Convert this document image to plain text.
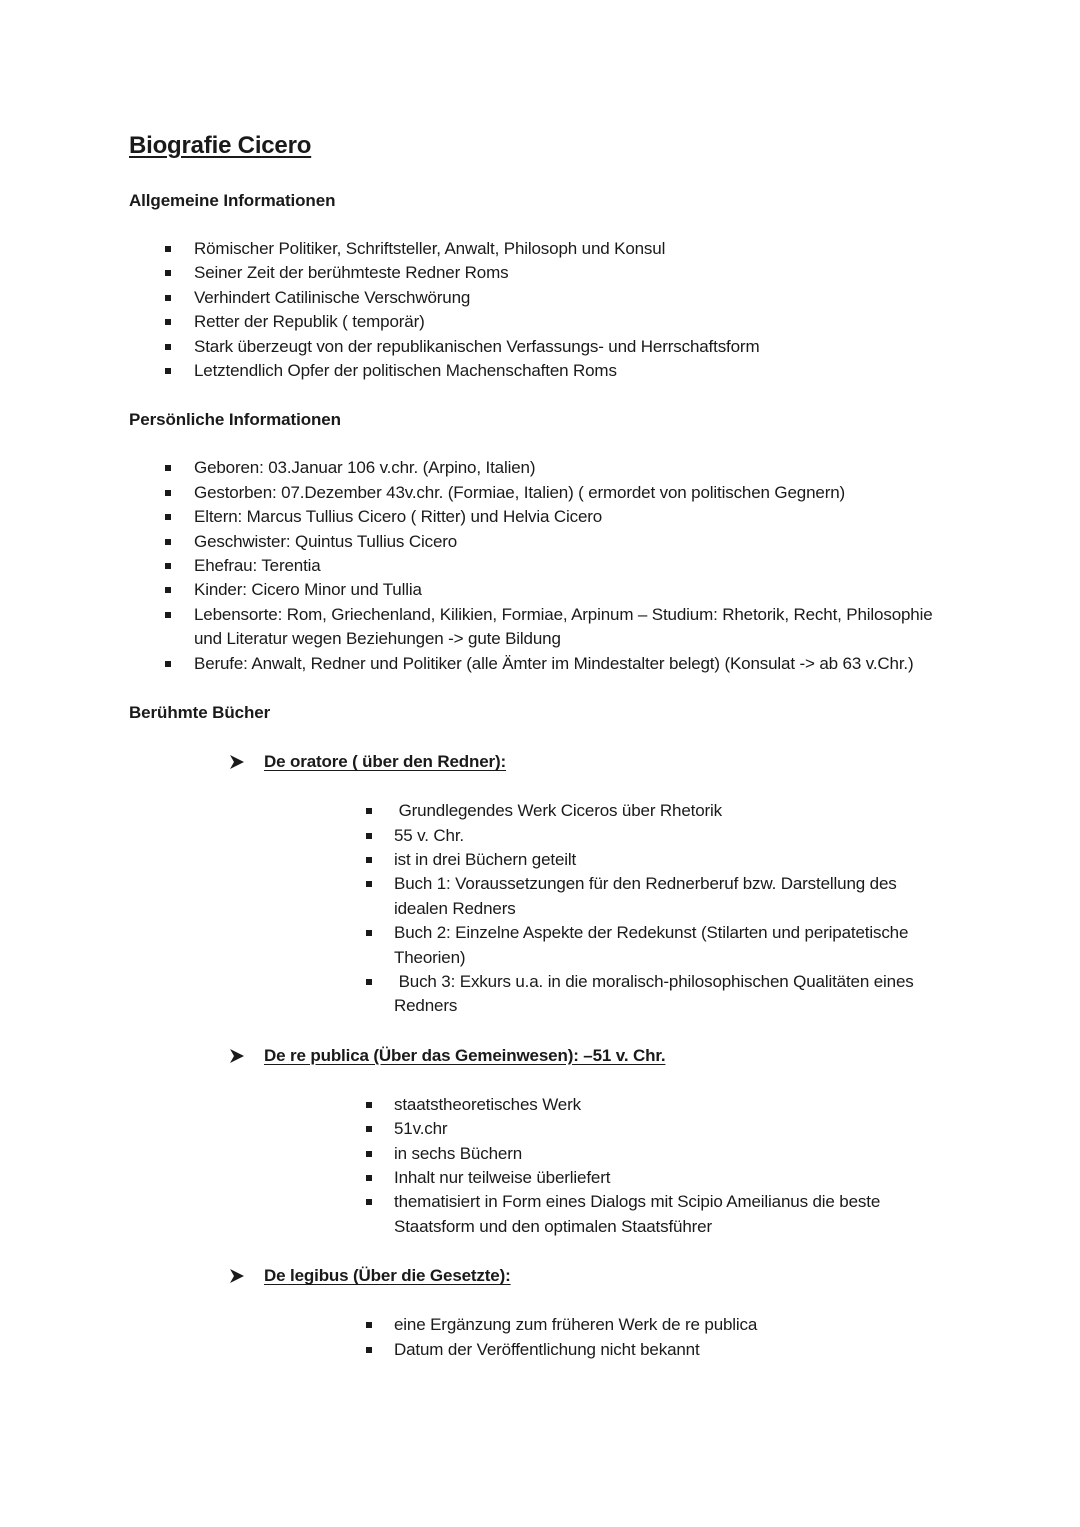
Biografie Cicero
Allgemeine Informationen
Römischer Politiker, Schriftsteller, Anwalt, Philosoph und Konsul
Seiner Zeit der berühmteste Redner Roms
Verhindert Catilinische Verschwörung
Retter der Republik ( temporär)
Stark überzeugt von der republikanischen Verfassungs- und Herrschaftsform
Letztendlich Opfer der politischen Machenschaften Roms
Persönliche Informationen
Geboren: 03.Januar 106 v.chr. (Arpino, Italien)
Gestorben: 07.Dezember 43v.chr. (Formiae, Italien) ( ermordet von politischen Gegnern)
Eltern: Marcus Tullius Cicero ( Ritter) und Helvia Cicero
Geschwister: Quintus Tullius Cicero
Ehefrau: Terentia
Kinder: Cicero Minor und Tullia
Lebensorte: Rom, Griechenland, Kilikien, Formiae, Arpinum – Studium: Rhetorik, Recht, Philosophie und Literatur wegen Beziehungen -> gute Bildung
Berufe: Anwalt, Redner und Politiker (alle Ämter im Mindestalter belegt) (Konsulat -> ab 63 v.Chr.)
Berühmte Bücher
De oratore ( über den Redner):
Grundlegendes Werk Ciceros über Rhetorik
55 v. Chr.
ist in drei Büchern geteilt
Buch 1: Voraussetzungen für den Rednerberuf bzw. Darstellung des idealen Redners
Buch 2: Einzelne Aspekte der Redekunst (Stilarten und peripatetische Theorien)
Buch 3: Exkurs u.a. in die moralisch-philosophischen Qualitäten eines Redners
De re publica (Über das Gemeinwesen): –51 v. Chr.
staatstheoretisches Werk
51v.chr
in sechs Büchern
Inhalt nur teilweise überliefert
thematisiert in Form eines Dialogs mit Scipio Ameilianus die beste Staatsform und den optimalen Staatsführer
De legibus (Über die Gesetzte):
eine Ergänzung zum früheren Werk de re publica
Datum der Veröffentlichung nicht bekannt
